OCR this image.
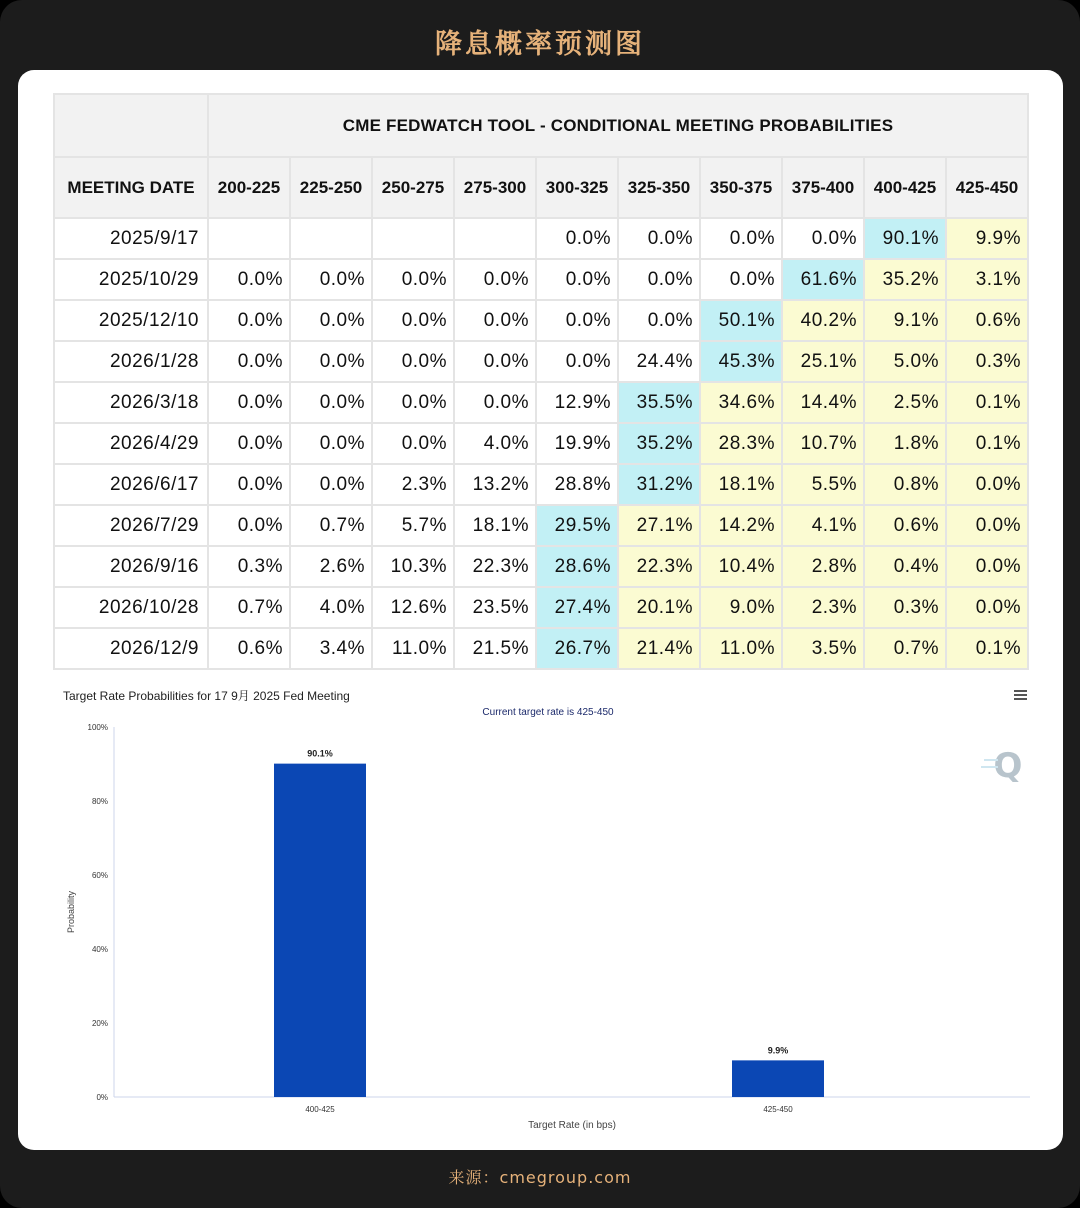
降息概率预测图
	CME FEDWATCH TOOL - CONDITIONAL MEETING PROBABILITIES									
MEETING DATE	200-225	225-250	250-275	275-300	300-325	325-350	350-375	375-400	400-425	425-450
2025/9/17					0.0%	0.0%	0.0%	0.0%	90.1%	9.9%
2025/10/29	0.0%	0.0%	0.0%	0.0%	0.0%	0.0%	0.0%	61.6%	35.2%	3.1%
2025/12/10	0.0%	0.0%	0.0%	0.0%	0.0%	0.0%	50.1%	40.2%	9.1%	0.6%
2026/1/28	0.0%	0.0%	0.0%	0.0%	0.0%	24.4%	45.3%	25.1%	5.0%	0.3%
2026/3/18	0.0%	0.0%	0.0%	0.0%	12.9%	35.5%	34.6%	14.4%	2.5%	0.1%
2026/4/29	0.0%	0.0%	0.0%	4.0%	19.9%	35.2%	28.3%	10.7%	1.8%	0.1%
2026/6/17	0.0%	0.0%	2.3%	13.2%	28.8%	31.2%	18.1%	5.5%	0.8%	0.0%
2026/7/29	0.0%	0.7%	5.7%	18.1%	29.5%	27.1%	14.2%	4.1%	0.6%	0.0%
2026/9/16	0.3%	2.6%	10.3%	22.3%	28.6%	22.3%	10.4%	2.8%	0.4%	0.0%
2026/10/28	0.7%	4.0%	12.6%	23.5%	27.4%	20.1%	9.0%	2.3%	0.3%	0.0%
2026/12/9	0.6%	3.4%	11.0%	21.5%	26.7%	21.4%	11.0%	3.5%	0.7%	0.1%
Target Rate Probabilities for 17 9月 2025 Fed Meeting
Current target rate is 425-450
0%
20%
40%
60%
80%
100%
90.1%
400-425
9.9%
425-450
Target Rate (in bps)
Probability
Q
来源：cmegroup.com
